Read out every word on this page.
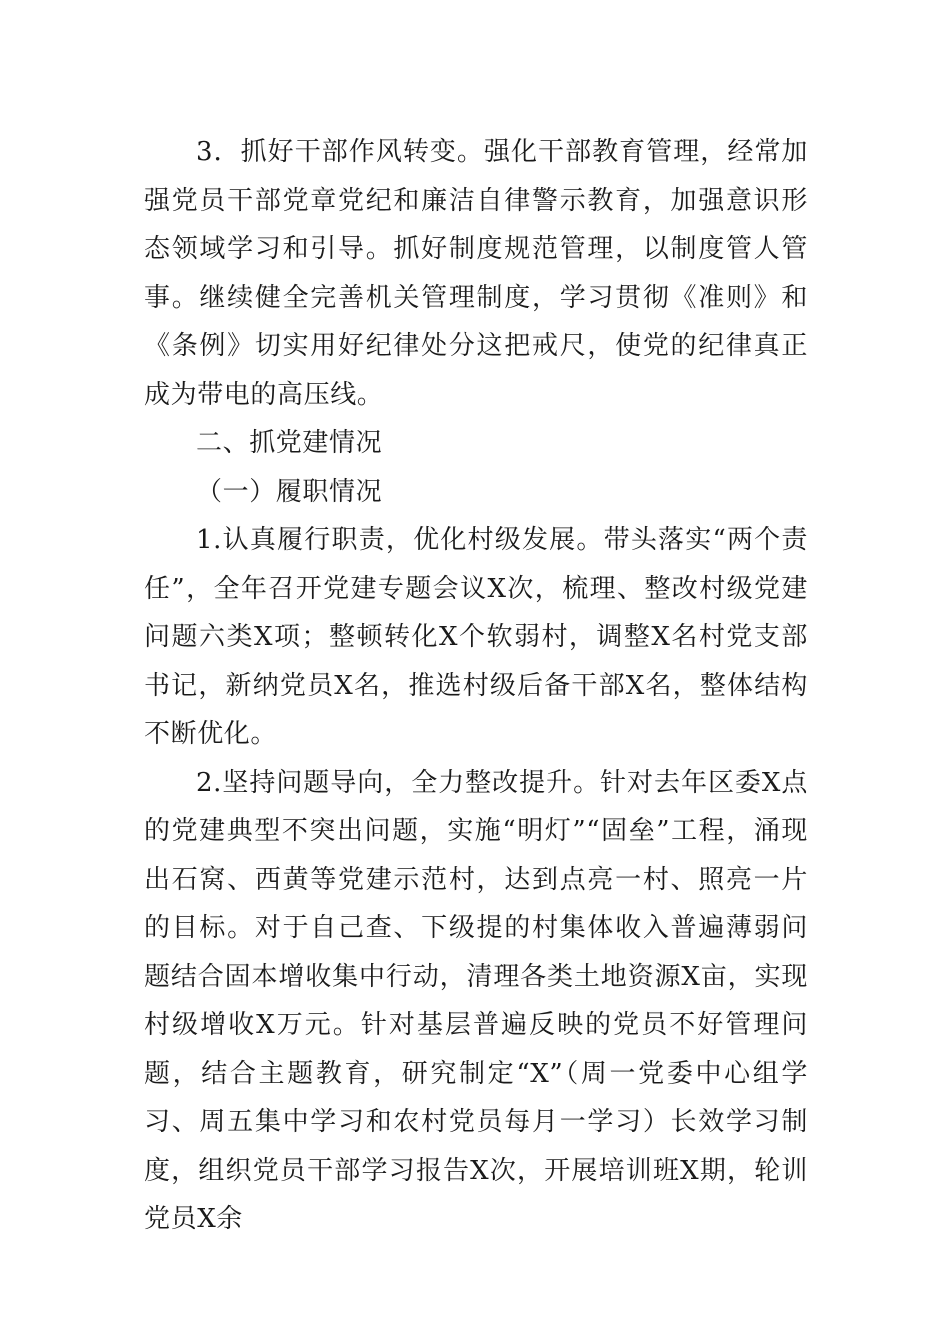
3．抓好干部作风转变。强化干部教育管理，经常加强党员干部党章党纪和廉洁自律警示教育，加强意识形态领域学习和引导。抓好制度规范管理，以制度管人管事。继续健全完善机关管理制度，学习贯彻《准则》和《条例》切实用好纪律处分这把戒尺，使党的纪律真正成为带电的高压线。

二、抓党建情况

（一）履职情况

1.认真履行职责，优化村级发展。带头落实“两个责任”，全年召开党建专题会议X次，梳理、整改村级党建问题六类X项；整顿转化X个软弱村，调整X名村党支部书记，新纳党员X名，推选村级后备干部X名，整体结构不断优化。

2.坚持问题导向，全力整改提升。针对去年区委X点的党建典型不突出问题，实施“明灯”“固垒”工程，涌现出石窝、西黄等党建示范村，达到点亮一村、照亮一片的目标。对于自己查、下级提的村集体收入普遍薄弱问题结合固本增收集中行动，清理各类土地资源X亩，实现村级增收X万元。针对基层普遍反映的党员不好管理问题，结合主题教育，研究制定“X”（周一党委中心组学习、周五集中学习和农村党员每月一学习）长效学习制度，组织党员干部学习报告X次，开展培训班X期，轮训党员X余
